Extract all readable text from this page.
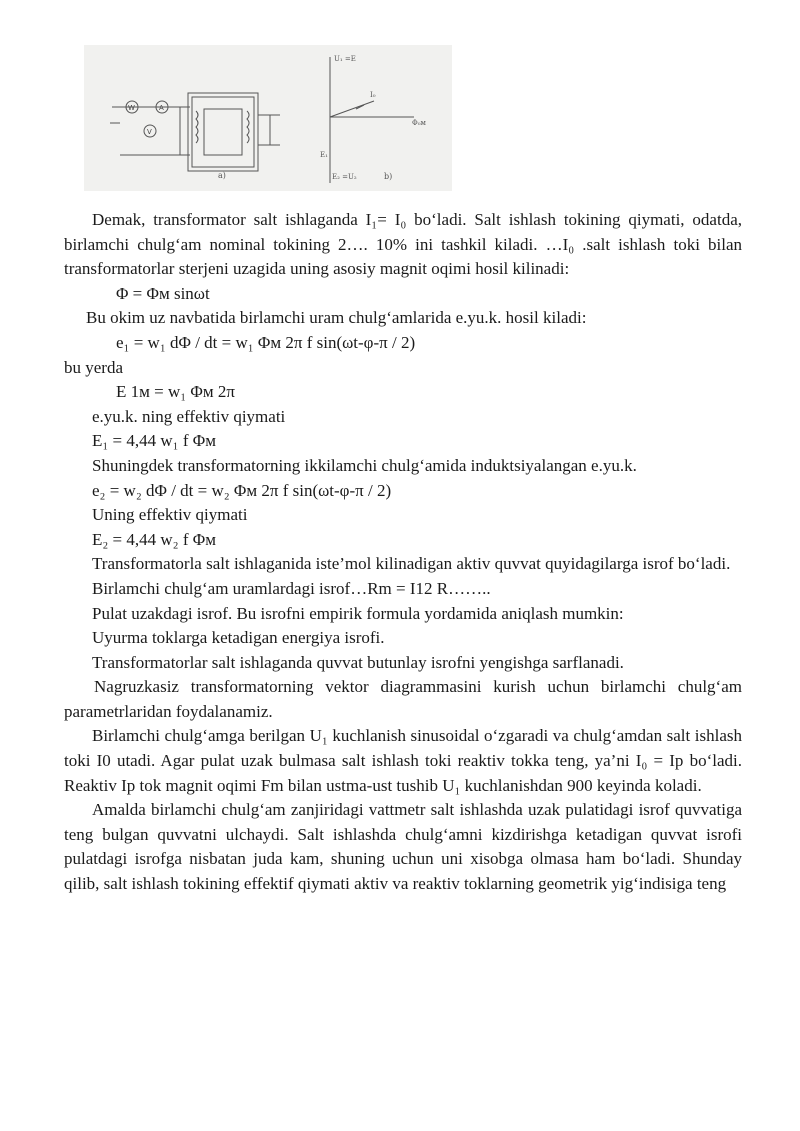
W	A
V
a)
U₁ =E
I₀
Φ₀м
E₁
E₂ =U₂	b)

Demak, transformator salt ishlaganda I₁= I₀ bo‘ladi. Salt ishlash tokining qiymati, odatda, birlamchi chulg‘am nominal tokining 2…. 10% ini tashkil kiladi. …I₀ .salt ishlash toki bilan transformatorlar sterjeni uzagida uning asosiy magnit oqimi hosil kilinadi:

Φ = Φм sinωt

Bu okim uz navbatida birlamchi uram chulg‘amlarida e.yu.k. hosil kiladi:

e₁ = w₁ dΦ / dt = w₁ Φм 2π f sin(ωt-φ-π / 2)

bu yerda

E 1м = w₁ Φм 2π

e.yu.k. ning effektiv qiymati

E₁ = 4,44 w₁ f Φм

Shuningdek transformatorning ikkilamchi chulg‘amida induktsiyalangan e.yu.k.

e₂ = w₂ dΦ / dt = w₂ Φм 2π f sin(ωt-φ-π / 2)

Uning effektiv qiymati

E₂ = 4,44 w₂ f Φм

Transformatorla salt ishlaganida iste’mol kilinadigan aktiv quvvat quyidagilarga isrof bo‘ladi.

Birlamchi chulg‘am uramlardagi isrof…Rm = I12 R……..

Pulat uzakdagi isrof. Bu isrofni empirik formula yordamida aniqlash mumkin:

Uyurma toklarga ketadigan energiya isrofi.

Transformatorlar salt ishlaganda quvvat butunlay isrofni yengishga sarflanadi.

Nagruzkasiz transformatorning vektor diagrammasini kurish uchun birlamchi chulg‘am parametrlaridan foydalanamiz.

Birlamchi chulg‘amga berilgan U₁ kuchlanish sinusoidal o‘zgaradi va chulg‘amdan salt ishlash toki I0 utadi. Agar pulat uzak bulmasa salt ishlash toki reaktiv tokka teng, ya’ni I₀ = Ip bo‘ladi. Reaktiv Ip tok magnit oqimi Fm bilan ustma-ust tushib U₁ kuchlanishdan 900 keyinda koladi.

Amalda birlamchi chulg‘am zanjiridagi vattmetr salt ishlashda uzak pulatidagi isrof quvvatiga teng bulgan quvvatni ulchaydi. Salt ishlashda chulg‘amni kizdirishga ketadigan quvvat isrofi pulatdagi isrofga nisbatan juda kam, shuning uchun uni xisobga olmasa ham bo‘ladi. Shunday qilib, salt ishlash tokining effektif qiymati aktiv va reaktiv toklarning geometrik yig‘indisiga teng
